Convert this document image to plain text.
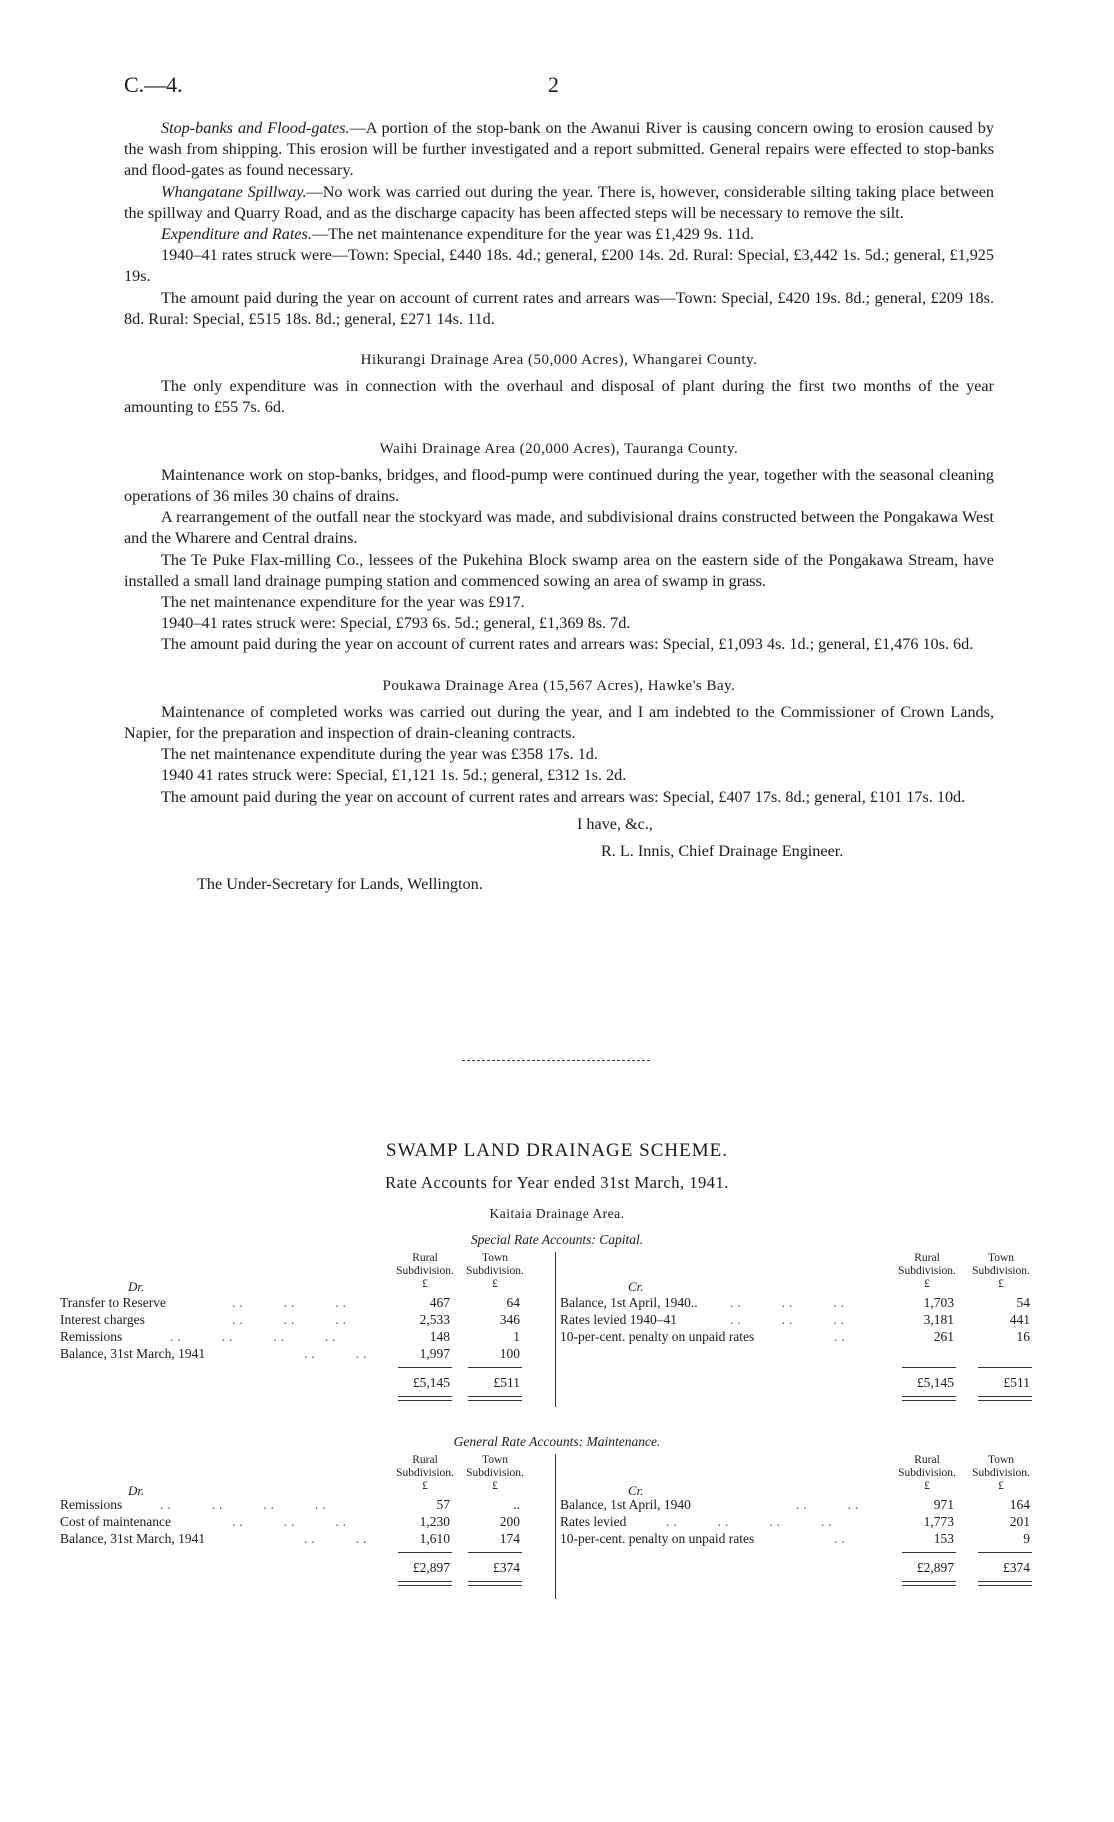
C.—4.	2

Stop-banks and Flood-gates.—A portion of the stop-bank on the Awanui River is causing concern owing to erosion caused by the wash from shipping. This erosion will be further investigated and a report submitted. General repairs were effected to stop-banks and flood-gates as found necessary.

Whangatane Spillway.—No work was carried out during the year. There is, however, considerable silting taking place between the spillway and Quarry Road, and as the discharge capacity has been affected steps will be necessary to remove the silt.

Expenditure and Rates.—The net maintenance expenditure for the year was £1,429 9s. 11d.

1940–41 rates struck were—Town: Special, £440 18s. 4d.; general, £200 14s. 2d. Rural: Special, £3,442 1s. 5d.; general, £1,925 19s.

The amount paid during the year on account of current rates and arrears was—Town: Special, £420 19s. 8d.; general, £209 18s. 8d. Rural: Special, £515 18s. 8d.; general, £271 14s. 11d.

Hikurangi Drainage Area (50,000 Acres), Whangarei County.

The only expenditure was in connection with the overhaul and disposal of plant during the first two months of the year amounting to £55 7s. 6d.

Waihi Drainage Area (20,000 Acres), Tauranga County.

Maintenance work on stop-banks, bridges, and flood-pump were continued during the year, together with the seasonal cleaning operations of 36 miles 30 chains of drains.

A rearrangement of the outfall near the stockyard was made, and subdivisional drains constructed between the Pongakawa West and the Wharere and Central drains.

The Te Puke Flax-milling Co., lessees of the Pukehina Block swamp area on the eastern side of the Pongakawa Stream, have installed a small land drainage pumping station and commenced sowing an area of swamp in grass.

The net maintenance expenditure for the year was £917.

1940–41 rates struck were: Special, £793 6s. 5d.; general, £1,369 8s. 7d.

The amount paid during the year on account of current rates and arrears was: Special, £1,093 4s. 1d.; general, £1,476 10s. 6d.

Poukawa Drainage Area (15,567 Acres), Hawke's Bay.

Maintenance of completed works was carried out during the year, and I am indebted to the Commissioner of Crown Lands, Napier, for the preparation and inspection of drain-cleaning contracts.

The net maintenance expenditute during the year was £358 17s. 1d.

1940 41 rates struck were: Special, £1,121 1s. 5d.; general, £312 1s. 2d.

The amount paid during the year on account of current rates and arrears was: Special, £407 17s. 8d.; general, £101 17s. 10d.

I have, &c.,

R. L. Innis, Chief Drainage Engineer.

The Under-Secretary for Lands, Wellington.

SWAMP LAND DRAINAGE SCHEME.
Rate Accounts for Year ended 31st March, 1941.
Kaitaia Drainage Area.
Special Rate Accounts: Capital.
Rural Subdivision.
Town Subdivision.
£	£
Dr.
Transfer to Reserve	..     ..     ..	467	64
Interest charges	..     ..     ..	2,533	346
Remissions	..     ..     ..     ..	148	1
Balance, 31st March, 1941	..     ..	1,997	100
£5,145	£511
Rural Subdivision.
Town Subdivision.
£	£
Cr.
Balance, 1st April, 1940.. ..     ..     ..	1,703	54
Rates levied 1940–41	..     ..     ..	3,181	441
10-per-cent. penalty on unpaid rates	..	261	16
£5,145	£511
General Rate Accounts: Maintenance.
Rural Subdivision.
Town Subdivision.
£	£
Dr.
Remissions	..     ..     ..     ..	57	..
Cost of maintenance	..     ..     ..	1,230	200
Balance, 31st March, 1941	..     ..	1,610	174
£2,897	£374
Rural Subdivision.
Town Subdivision.
£	£
Cr.
Balance, 1st April, 1940	..     ..	971	164
Rates levied	..     ..     ..     ..	1,773	201
10-per-cent. penalty on unpaid rates	..	153	9
£2,897	£374
